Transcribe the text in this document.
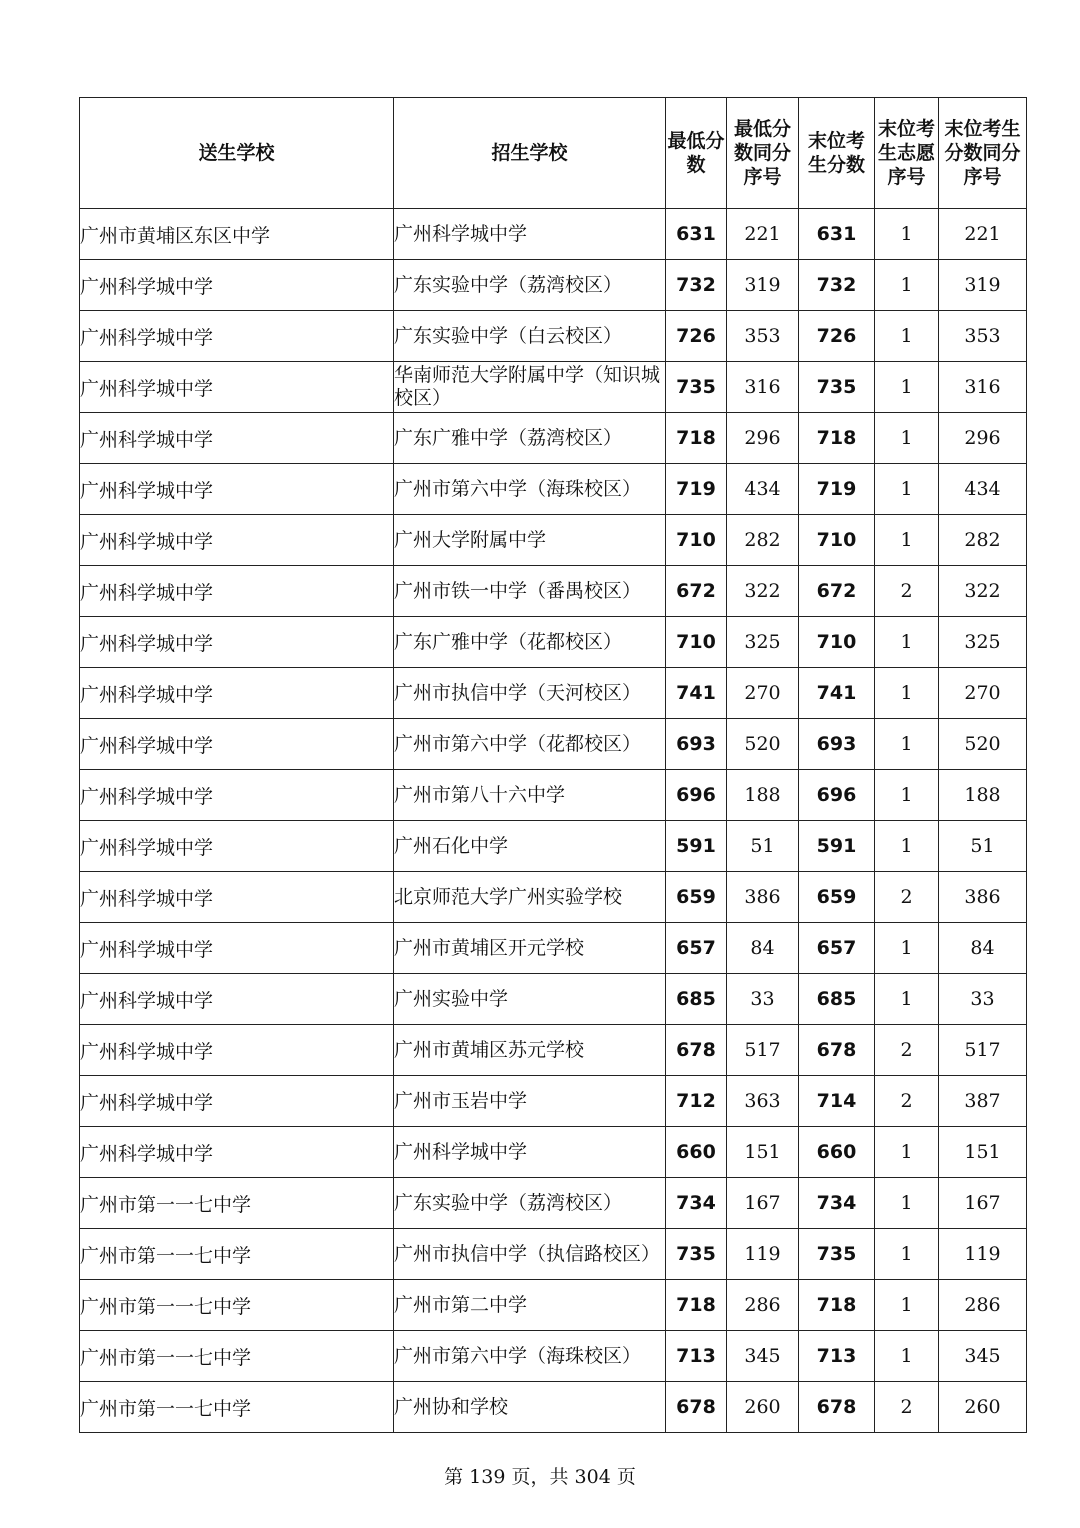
送生学校	招生学校	最低分数	最低分数同分序号	末位考生分数	末位考生志愿序号	末位考生分数同分序号
广州市黄埔区东区中学	广州科学城中学	631	221	631	1	221
广州科学城中学	广东实验中学（荔湾校区）	732	319	732	1	319
广州科学城中学	广东实验中学（白云校区）	726	353	726	1	353
广州科学城中学	华南师范大学附属中学（知识城校区）	735	316	735	1	316
广州科学城中学	广东广雅中学（荔湾校区）	718	296	718	1	296
广州科学城中学	广州市第六中学（海珠校区）	719	434	719	1	434
广州科学城中学	广州大学附属中学	710	282	710	1	282
广州科学城中学	广州市铁一中学（番禺校区）	672	322	672	2	322
广州科学城中学	广东广雅中学（花都校区）	710	325	710	1	325
广州科学城中学	广州市执信中学（天河校区）	741	270	741	1	270
广州科学城中学	广州市第六中学（花都校区）	693	520	693	1	520
广州科学城中学	广州市第八十六中学	696	188	696	1	188
广州科学城中学	广州石化中学	591	51	591	1	51
广州科学城中学	北京师范大学广州实验学校	659	386	659	2	386
广州科学城中学	广州市黄埔区开元学校	657	84	657	1	84
广州科学城中学	广州实验中学	685	33	685	1	33
广州科学城中学	广州市黄埔区苏元学校	678	517	678	2	517
广州科学城中学	广州市玉岩中学	712	363	714	2	387
广州科学城中学	广州科学城中学	660	151	660	1	151
广州市第一一七中学	广东实验中学（荔湾校区）	734	167	734	1	167
广州市第一一七中学	广州市执信中学（执信路校区）	735	119	735	1	119
广州市第一一七中学	广州市第二中学	718	286	718	1	286
广州市第一一七中学	广州市第六中学（海珠校区）	713	345	713	1	345
广州市第一一七中学	广州协和学校	678	260	678	2	260
第 139 页，共 304 页
